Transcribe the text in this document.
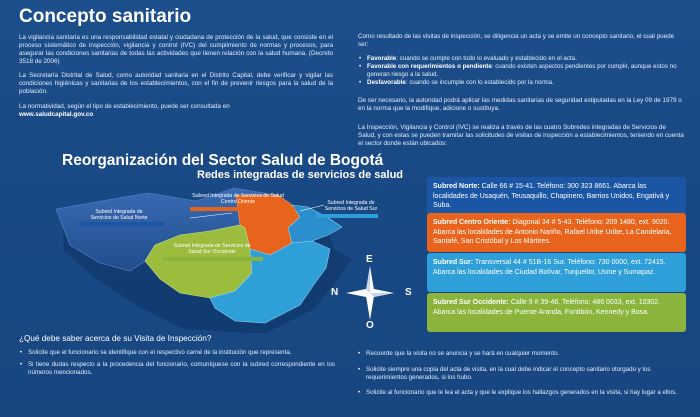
Concepto sanitario

La vigilancia sanitaria es una responsabilidad estatal y ciudadana de protección de la salud, que consiste en el proceso sistemático de inspección, vigilancia y control (IVC) del cumplimiento de normas y procesos, para asegurar las condiciones sanitarias de todas las actividades que tienen relación con la salud humana. (Decreto 3518 de 2006)

La Secretaría Distrital de Salud, como autoridad sanitaria en el Distrito Capital, debe verificar y vigilar las condiciones higiénicas y sanitarias de los establecimientos, con el fin de prevenir riesgos para la salud de la población.

La normatividad, según el tipo de establecimiento, puede ser consultada en
www.saludcapital.gov.co

Como resultado de las visitas de inspección, se diligencia un acta y se emite un concepto sanitario, el cual puede ser:

• Favorable: cuando se cumple con todo lo evaluado y establecido en el acta.
• Favorable con requerimientos o pendiente: cuando existen aspectos pendientes por cumplir, aunque estos no generan riesgo a la salud.
• Desfavorable: cuando se incumple con lo establecido por la norma.

De ser necesario, la autoridad podrá aplicar las medidas sanitarias de seguridad estipuladas en la Ley 09 de 1979 o en la norma que la modifique, adicione o sustituya.

La Inspección, Vigilancia y Control (IVC) se realiza a través de las cuatro Subredes integradas de Servicios de Salud, y con estas se pueden tramitar las solicitudes de visitas de inspección a establecimientos, teniendo en cuenta el sector donde están ubicados:

Reorganización del Sector Salud de Bogotá
Redes integradas de servicios de salud
Subred Integrada de Servicios de Salud Norte
Subred Integrada de Servicios de Salud Centro Oriente	Subred Integrada de Servicios de Salud Sur
Subred Integrada de Servicios de Salud Sur Occidente
E
O
N	S
Subred Norte: Calle 66 # 15-41. Teléfono: 300 323 8661. Abarca las localidades de Usaquén, Teusaquillo, Chapinero, Barrios Unidos, Engativá y Suba.
Subred Centro Oriente: Diagonal 34 # 5-43. Teléfono: 209 1480, ext. 9020. Abarca las localidades de Antonio Nariño, Rafael Uribe Uribe, La Candelaria, Santafé, San Cristóbal y Los Mártires.
Subred Sur: Transversal 44 # 51B-16 Sur. Teléfono: 730 0000, ext. 72415. Abarca las localidades de Ciudad Bolívar, Tunjuelito, Usme y Sumapaz.
Subred Sur Occidente: Calle 9 # 39-46. Teléfono: 486 0033, ext. 10302. Abarca las localidades de Puente Aranda, Fontibón, Kennedy y Bosa.
¿Qué debe saber acerca de su Visita de Inspección?
• Solicite que el funcionario se identifique con el respectivo carné de la institución que representa.
• Si tiene dudas respecto a la procedencia del funcionario, comuníquese con la subred correspondiente en los números mencionados.
• Recuerde que la visita no se anuncia y se hará en cualquier momento.
• Solicite siempre una copia del acta de visita, en la cual debe indicar el concepto sanitario otorgado y los requerimientos generados, si los hubo.
• Solicite al funcionario que le lea el acta y que le explique los hallazgos generados en la visita, si hay lugar a ellos.
